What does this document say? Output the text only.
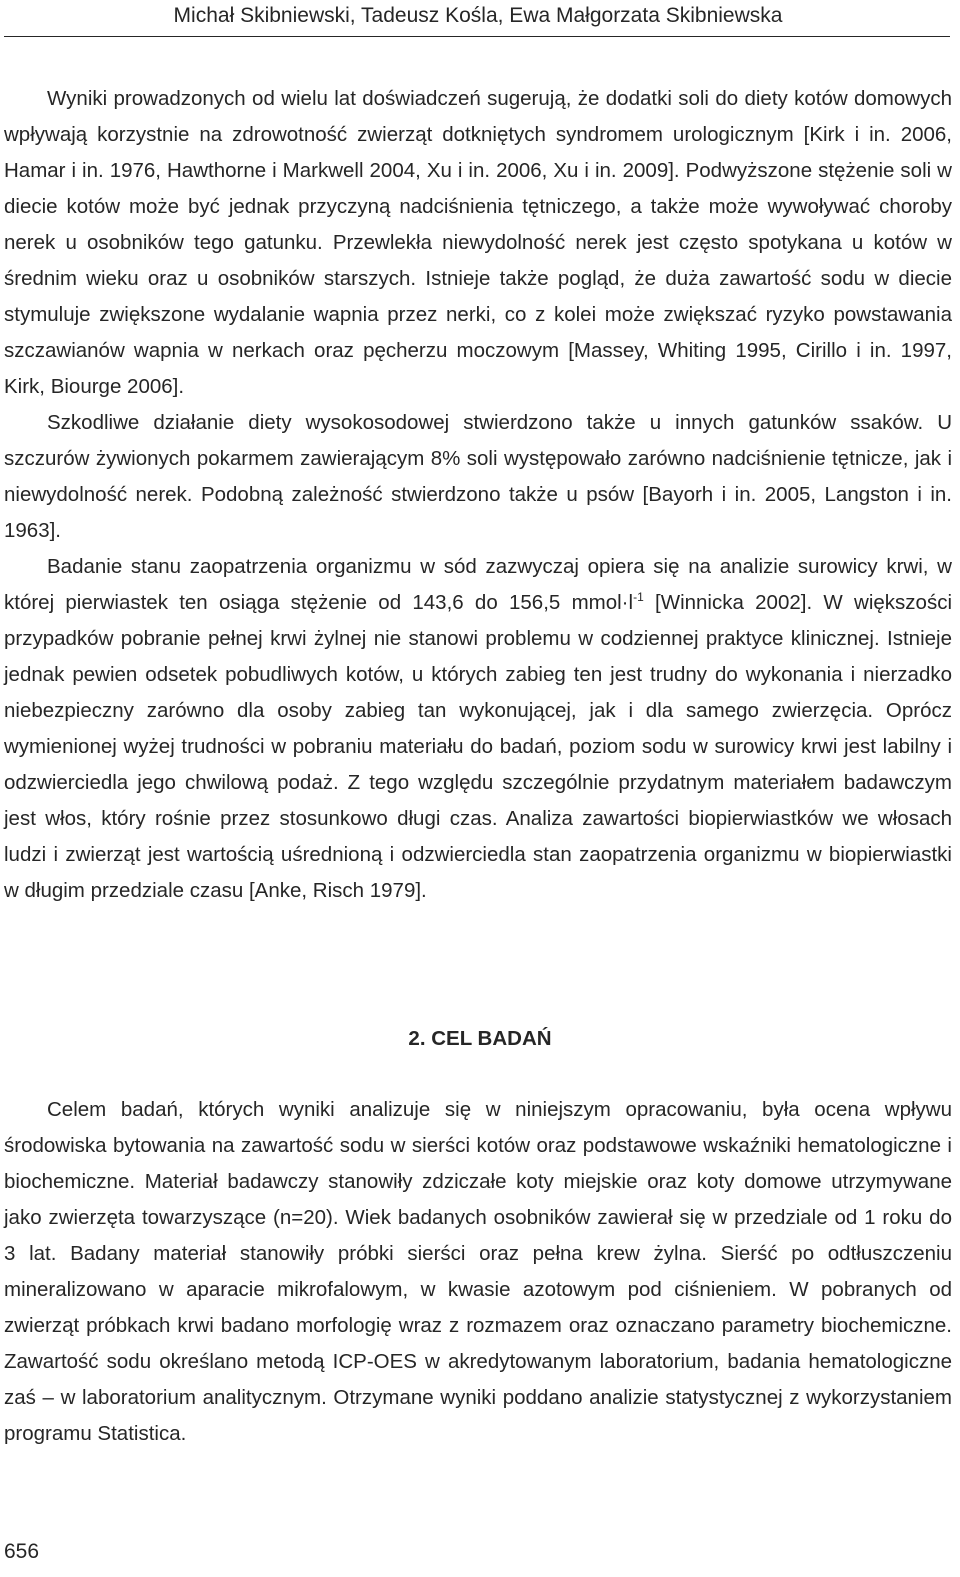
Michał Skibniewski, Tadeusz Kośla, Ewa Małgorzata Skibniewska

Wyniki prowadzonych od wielu lat doświadczeń sugerują, że dodatki soli do diety kotów domowych wpływają korzystnie na zdrowotność zwierząt dotkniętych syndromem urologicznym [Kirk i in. 2006, Hamar i in. 1976, Hawthorne i Markwell 2004, Xu i in. 2006, Xu i in. 2009]. Podwyższone stężenie soli w diecie kotów może być jednak przyczyną nadciśnienia tętniczego, a także może wywoływać choroby nerek u osobników tego gatunku. Przewlekła niewydolność nerek jest często spotykana u kotów w średnim wieku oraz u osobników starszych. Istnieje także pogląd, że duża zawartość sodu w diecie stymuluje zwiększone wydalanie wapnia przez nerki, co z kolei może zwiększać ryzyko powstawania szczawianów wapnia w nerkach oraz pęcherzu moczowym [Massey, Whiting 1995, Cirillo i in. 1997, Kirk, Biourge 2006].

Szkodliwe działanie diety wysokosodowej stwierdzono także u innych gatunków ssaków. U szczurów żywionych pokarmem zawierającym 8% soli występowało zarówno nadciśnienie tętnicze, jak i niewydolność nerek. Podobną zależność stwierdzono także u psów [Bayorh i in. 2005, Langston i in. 1963].

Badanie stanu zaopatrzenia organizmu w sód zazwyczaj opiera się na analizie surowicy krwi, w której pierwiastek ten osiąga stężenie od 143,6 do 156,5 $mmol\cdot l^{-1}$ [Winnicka 2002]. W większości przypadków pobranie pełnej krwi żylnej nie stanowi problemu w codziennej praktyce klinicznej. Istnieje jednak pewien odsetek pobudliwych kotów, u których zabieg ten jest trudny do wykonania i nierzadko niebezpieczny zarówno dla osoby zabieg tan wykonującej, jak i dla samego zwierzęcia. Oprócz wymienionej wyżej trudności w pobraniu materiału do badań, poziom sodu w surowicy krwi jest labilny i odzwierciedla jego chwilową podaż. Z tego względu szczególnie przydatnym materiałem badawczym jest włos, który rośnie przez stosunkowo długi czas. Analiza zawartości biopierwiastków we włosach ludzi i zwierząt jest wartością uśrednioną i odzwierciedla stan zaopatrzenia organizmu w biopierwiastki w długim przedziale czasu [Anke, Risch 1979].

2. CEL BADAŃ

Celem badań, których wyniki analizuje się w niniejszym opracowaniu, była ocena wpływu środowiska bytowania na zawartość sodu w sierści kotów oraz podstawowe wskaźniki hematologiczne i biochemiczne. Materiał badawczy stanowiły zdziczałe koty miejskie oraz koty domowe utrzymywane jako zwierzęta towarzyszące (n=20). Wiek badanych osobników zawierał się w przedziale od 1 roku do 3 lat. Badany materiał stanowiły próbki sierści oraz pełna krew żylna. Sierść po odtłuszczeniu mineralizowano w aparacie mikrofalowym, w kwasie azotowym pod ciśnieniem. W pobranych od zwierząt próbkach krwi badano morfologię wraz z rozmazem oraz oznaczano parametry biochemiczne. Zawartość sodu określano metodą ICP-OES w akredytowanym laboratorium, badania hematologiczne zaś – w laboratorium analitycznym. Otrzymane wyniki poddano analizie statystycznej z wykorzystaniem programu Statistica.

656
